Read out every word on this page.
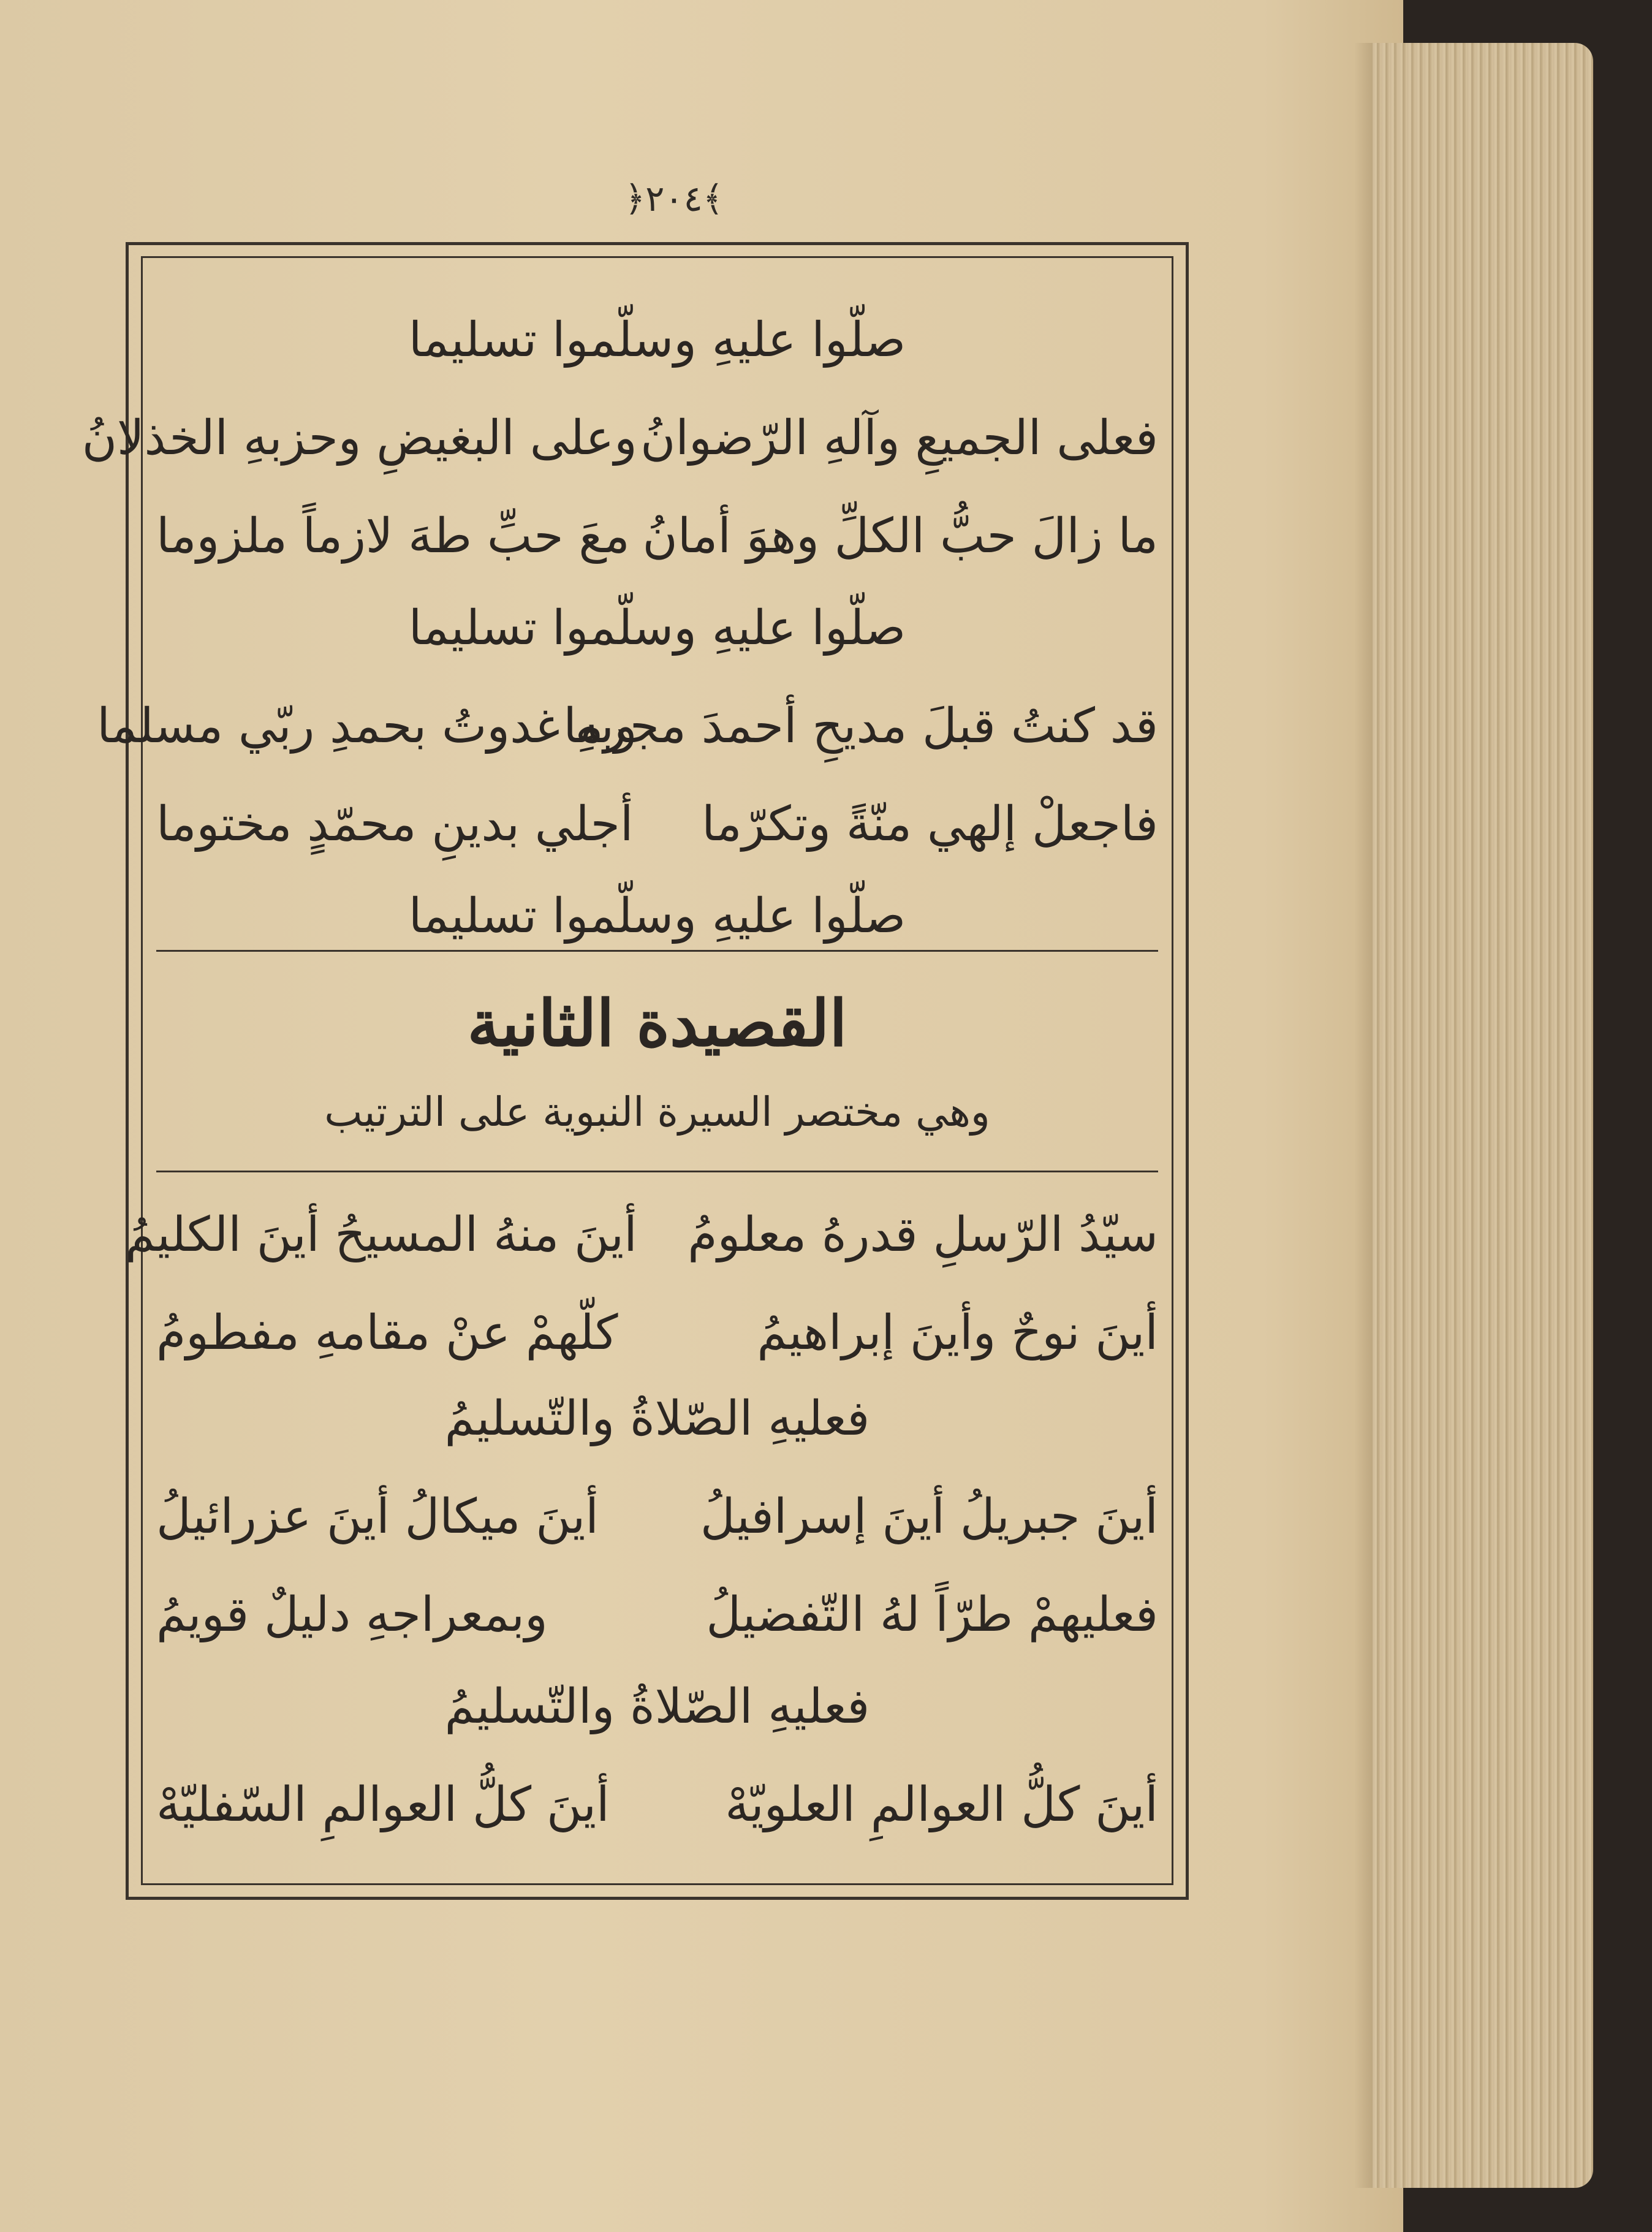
﴾٢٠٤﴿
صلّوا عليهِ وسلّموا تسليما
فعلى الجميعِ وآلهِ الرّضوانُ
وعلى البغيضِ وحزبهِ الخذلانُ
ما زالَ حبُّ الكلِّ وهوَ أمانُ
معَ حبِّ طهَ لازماً ملزوما
صلّوا عليهِ وسلّموا تسليما
قد كنتُ قبلَ مديحِ أحمدَ مجرما
وبهِ غدوتُ بحمدِ ربّي مسلما
فاجعلْ إلهي منّةً وتكرّما
أجلي بدينِ محمّدٍ مختوما
صلّوا عليهِ وسلّموا تسليما
القصيدة الثانية
وهي مختصر السيرة النبوية على الترتيب
سيّدُ الرّسلِ قدرهُ معلومُ
أينَ منهُ المسيحُ أينَ الكليمُ
أينَ نوحٌ وأينَ إبراهيمُ
كلّهمْ عنْ مقامهِ مفطومُ
فعليهِ الصّلاةُ والتّسليمُ
أينَ جبريلُ أينَ إسرافيلُ
أينَ ميكالُ أينَ عزرائيلُ
فعليهمْ طرّاً لهُ التّفضيلُ
وبمعراجهِ دليلٌ قويمُ
فعليهِ الصّلاةُ والتّسليمُ
أينَ كلُّ العوالمِ العلويّهْ
أينَ كلُّ العوالمِ السّفليّهْ
